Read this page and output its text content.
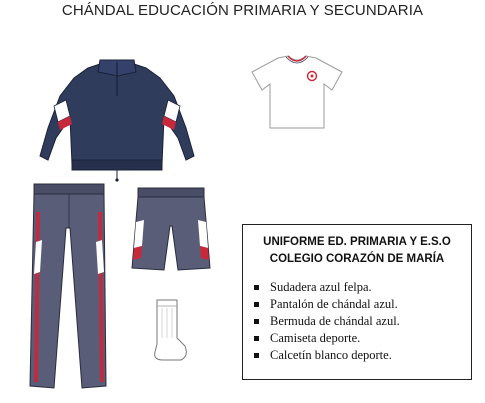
CHÁNDAL EDUCACIÓN PRIMARIA Y SECUNDARIA
UNIFORME ED. PRIMARIA Y E.S.O
COLEGIO CORAZÓN DE MARÍA
Sudadera azul felpa.
Pantalón de chándal azul.
Bermuda de chándal azul.
Camiseta deporte.
Calcetín blanco deporte.
